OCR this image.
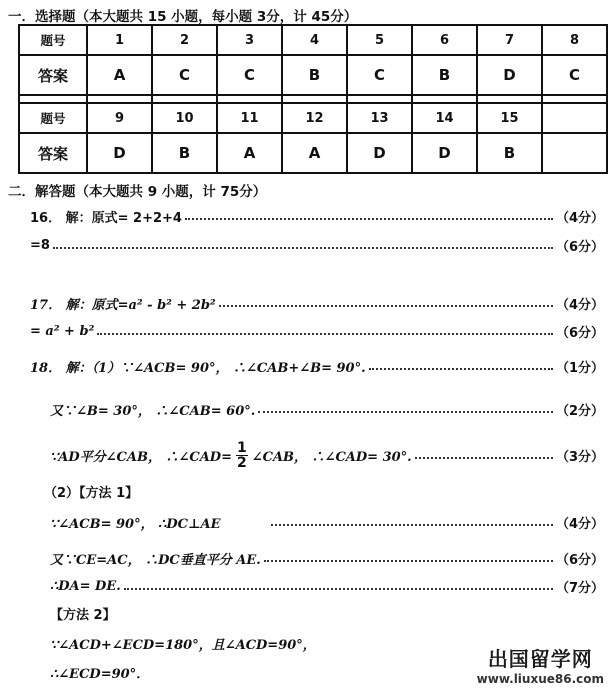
一．选择题（本大题共 15 小题，每小题 3分，计 45分）
题号	1	2	3	4	5	6	7	8
答案	A	C	C	B	C	B	D	C

题号	9	10	11	12	13	14	15	
答案	D	B	A	A	D	D	B	
二．解答题（本大题共 9 小题，计 75分）
16． 解：原式= 2+2+4	（4分）
=8	（6分）
17． 解：原式=a² - b² + 2b²	（4分）
= a² + b²	（6分）
18． 解：（1）∵∠ACB= 90°， ∴∠CAB+∠B= 90°.	（1分）
又∵∠B= 30°， ∴∠CAB= 60°.	（2分）
∵AD平分∠CAB， ∴∠CAD= $\frac{1}{2}$ ∠CAB， ∴∠CAD= 30°.	（3分）
（2）【方法 1】
∵∠ACB= 90°， ∴DC⊥AE	（4分）
又∵CE=AC， ∴DC垂直平分 AE.	（6分）
∴DA= DE.	（7分）
【方法 2】
∵∠ACD+∠ECD=180°，且∠ACD=90°，
∴∠ECD=90°．
出国留学网
www.liuxue86.com
